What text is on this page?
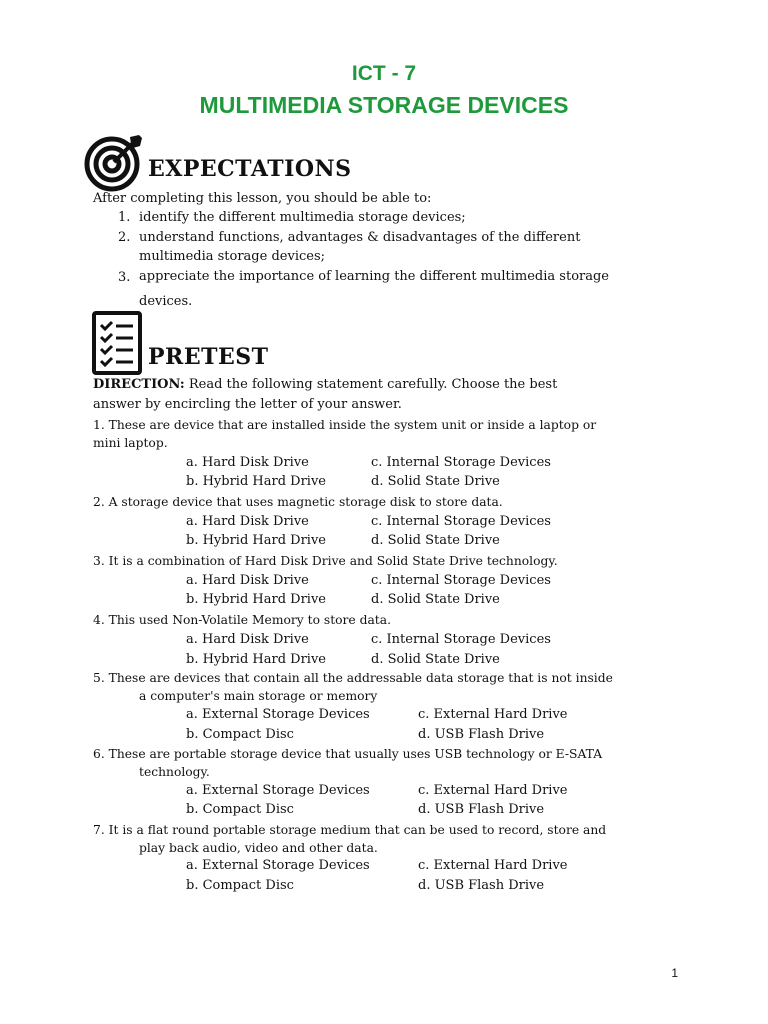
ICT - 7
MULTIMEDIA STORAGE DEVICES
EXPECTATIONS
After completing this lesson, you should be able to:
1. identify the different multimedia storage devices;
2. understand functions, advantages & disadvantages of the different
multimedia storage devices;
3. appreciate the importance of learning the different multimedia storage
devices.
PRETEST
DIRECTION: Read the following statement carefully. Choose the best
answer by encircling the letter of your answer.
1. These are device that are installed inside the system unit or inside a laptop or
mini laptop.
a. Hard Disk Drive	c. Internal Storage Devices
b. Hybrid Hard Drive	d. Solid State Drive
2. A storage device that uses magnetic storage disk to store data.
a. Hard Disk Drive	c. Internal Storage Devices
b. Hybrid Hard Drive	d. Solid State Drive
3. It is a combination of Hard Disk Drive and Solid State Drive technology.
a. Hard Disk Drive	c. Internal Storage Devices
b. Hybrid Hard Drive	d. Solid State Drive
4. This used Non-Volatile Memory to store data.
a. Hard Disk Drive	c. Internal Storage Devices
b. Hybrid Hard Drive	d. Solid State Drive
5. These are devices that contain all the addressable data storage that is not inside
a computer's main storage or memory
a. External Storage Devices	c. External Hard Drive
b. Compact Disc	d. USB Flash Drive
6. These are portable storage device that usually uses USB technology or E-SATA
technology.
a. External Storage Devices	c. External Hard Drive
b. Compact Disc	d. USB Flash Drive
7. It is a flat round portable storage medium that can be used to record, store and
play back audio, video and other data.
a. External Storage Devices	c. External Hard Drive
b. Compact Disc	d. USB Flash Drive
1
